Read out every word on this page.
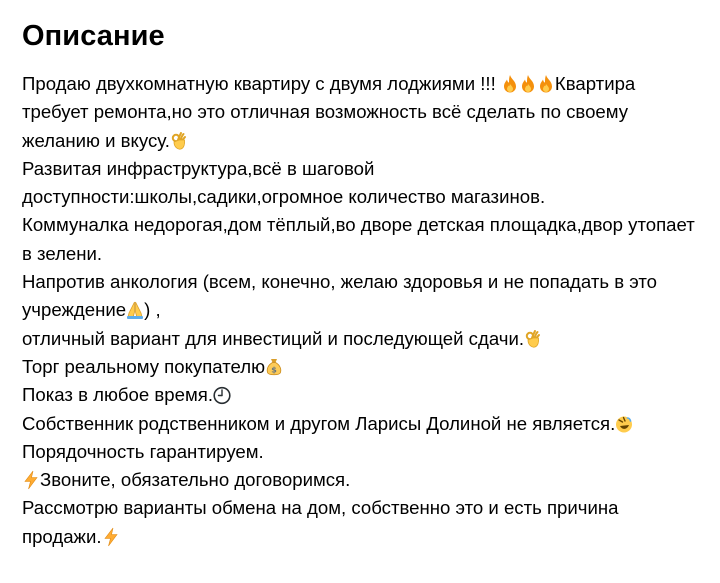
Описание
Продаю двухкомнатную квартиру с двумя лоджиями !!!	Квартира
требует ремонта,но это отличная возможность всё сделать по своему
желанию и вкусу.
Развитая инфраструктура,всё в шаговой
доступности:школы,садики,огромное количество магазинов.
Коммуналка недорогая,дом тёплый,во дворе детская площадка,двор утопает
в зелени.
Напротив анкология (всем, конечно, желаю здоровья и не попадать в это
учреждение ) ,
отличный вариант для инвестиций и последующей сдачи.
Торг реальному покупателю $
Показ в любое время.
Собственник родственником и другом Ларисы Долиной не является.
Порядочность гарантируем.
Звоните, обязательно договоримся.
Рассмотрю варианты обмена на дом, собственно это и есть причина
продажи.
